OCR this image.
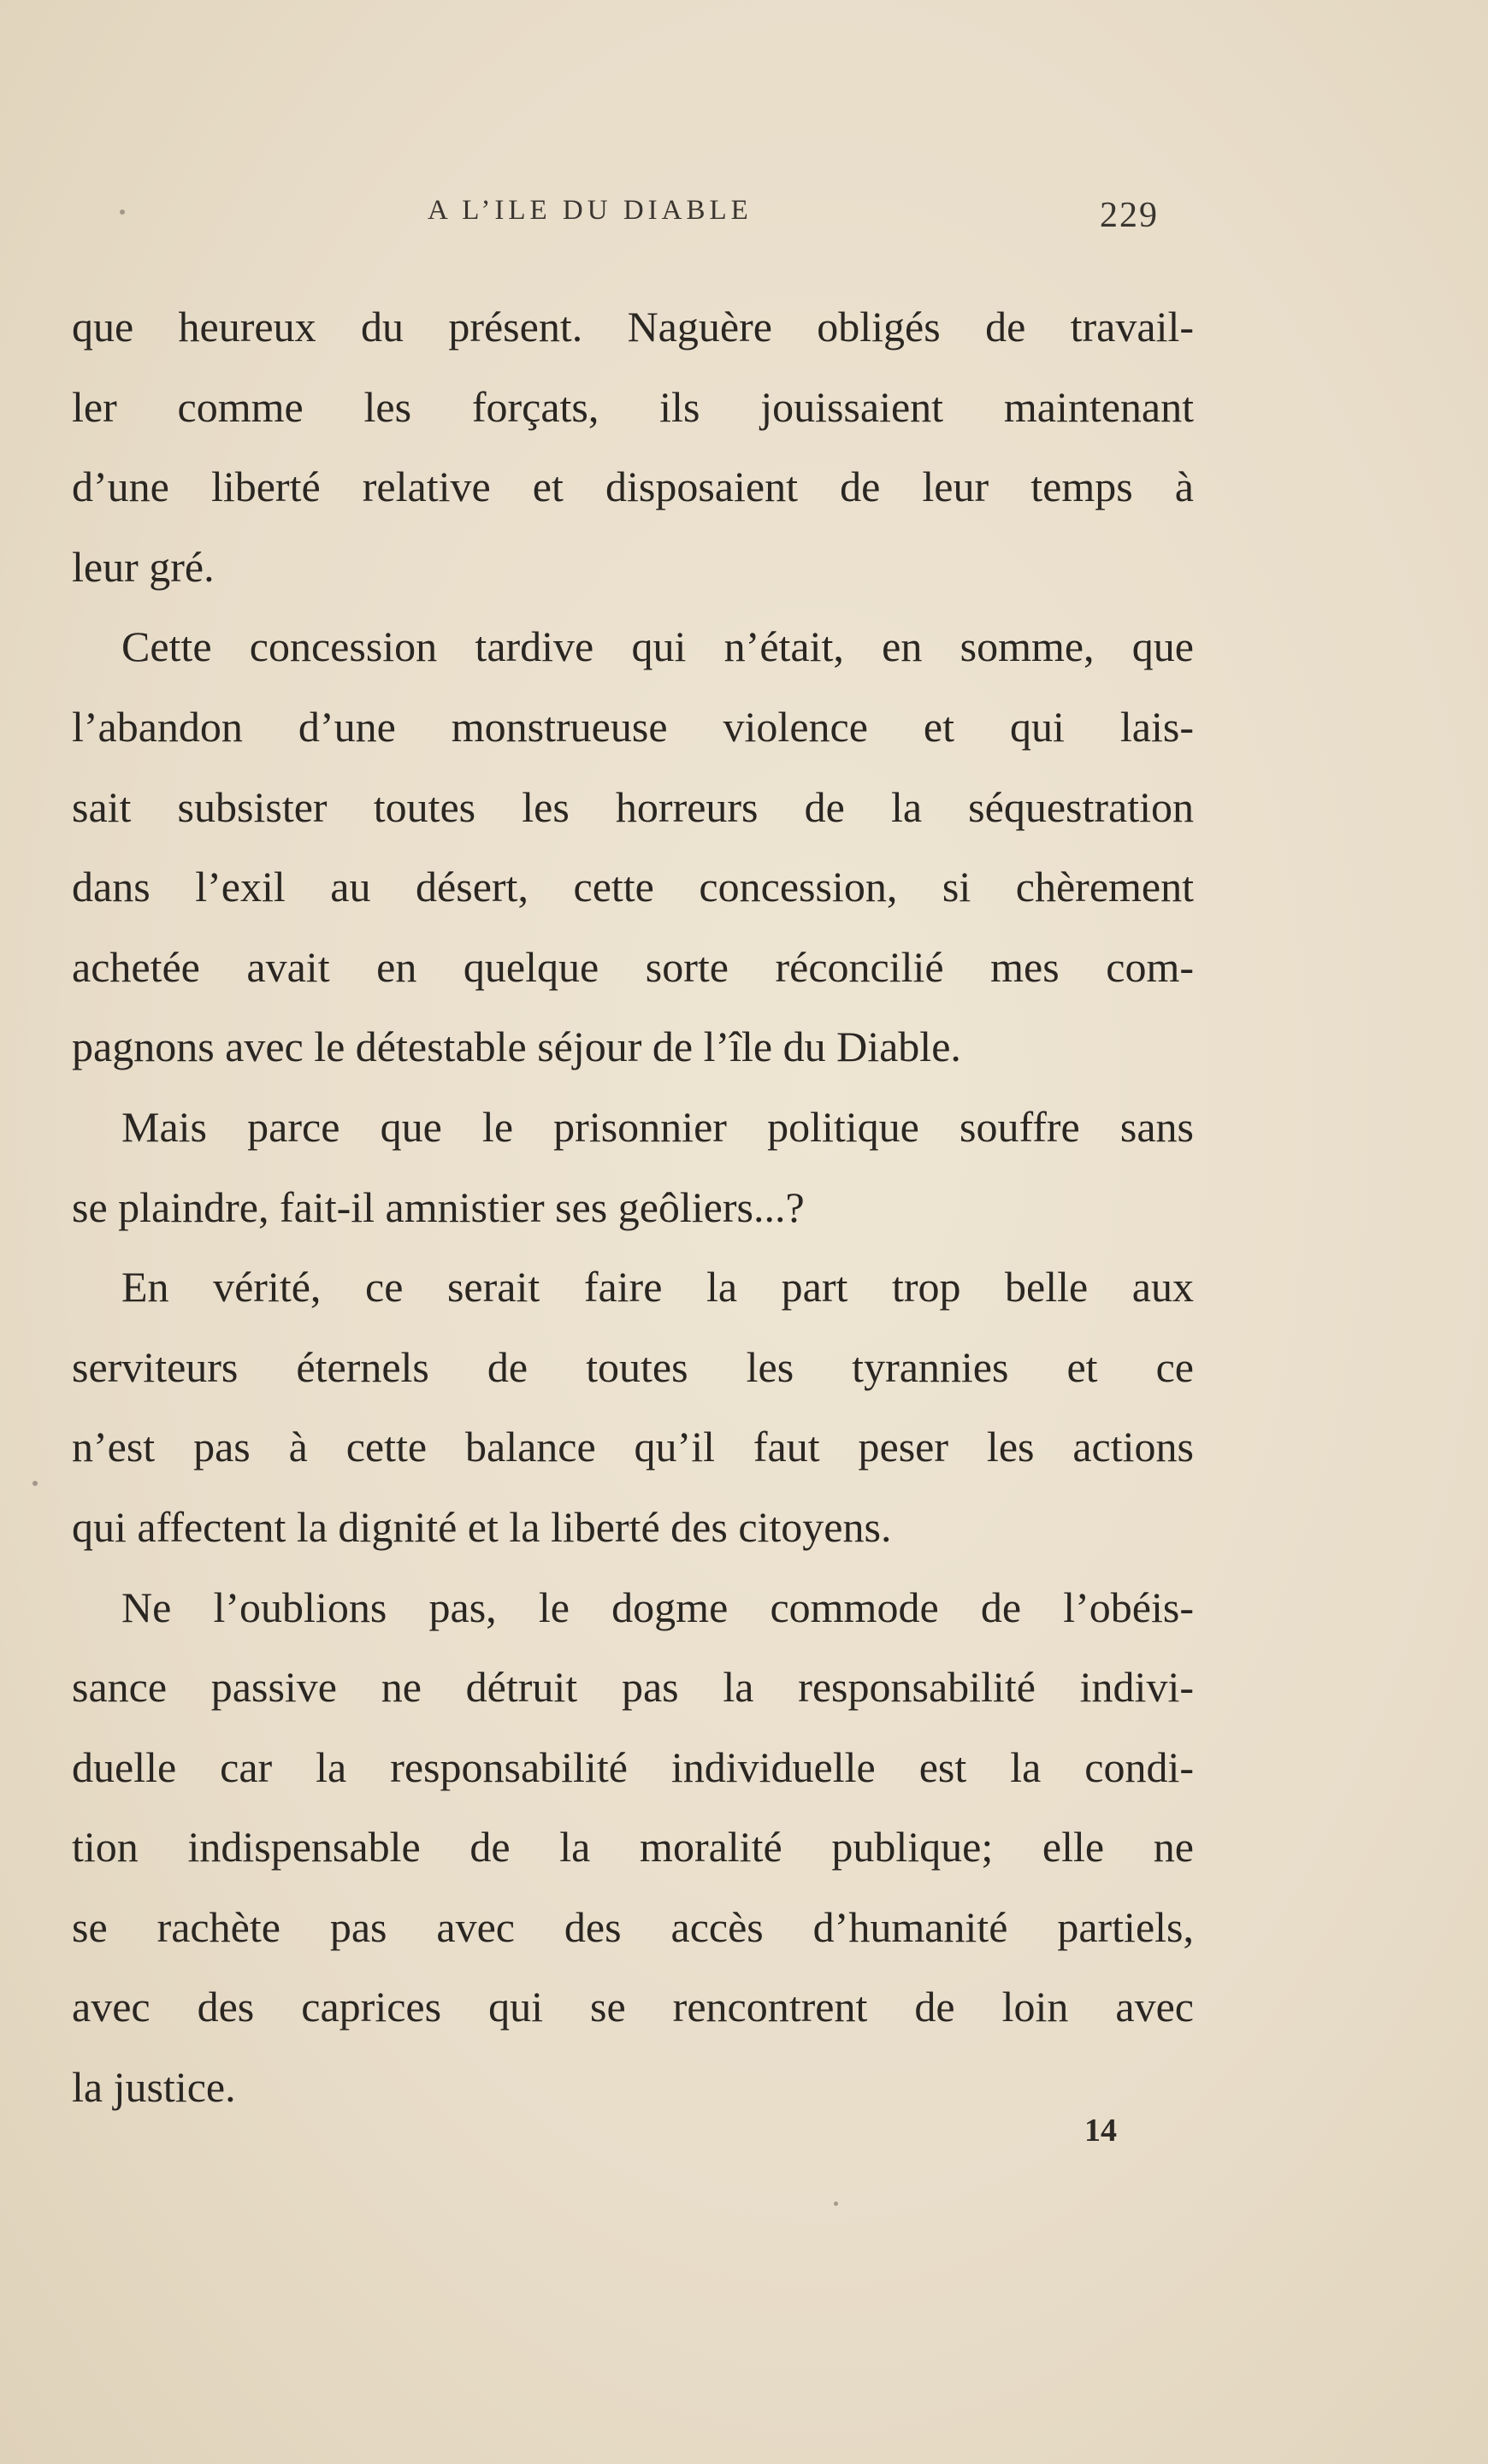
A L’ILE DU DIABLE	229
que heureux du présent. Naguère obligés de travail-
ler comme les forçats, ils jouissaient maintenant
d’une liberté relative et disposaient de leur temps à
leur gré.
Cette concession tardive qui n’était, en somme, que
l’abandon d’une monstrueuse violence et qui lais-
sait subsister toutes les horreurs de la séquestration
dans l’exil au désert, cette concession, si chèrement
achetée avait en quelque sorte réconcilié mes com-
pagnons avec le détestable séjour de l’île du Diable.
Mais parce que le prisonnier politique souffre sans
se plaindre, fait-il amnistier ses geôliers...?
En vérité, ce serait faire la part trop belle aux
serviteurs éternels de toutes les tyrannies et ce
n’est pas à cette balance qu’il faut peser les actions
qui affectent la dignité et la liberté des citoyens.
Ne l’oublions pas, le dogme commode de l’obéis-
sance passive ne détruit pas la responsabilité indivi-
duelle car la responsabilité individuelle est la condi-
tion indispensable de la moralité publique; elle ne
se rachète pas avec des accès d’humanité partiels,
avec des caprices qui se rencontrent de loin avec
la justice.
14
